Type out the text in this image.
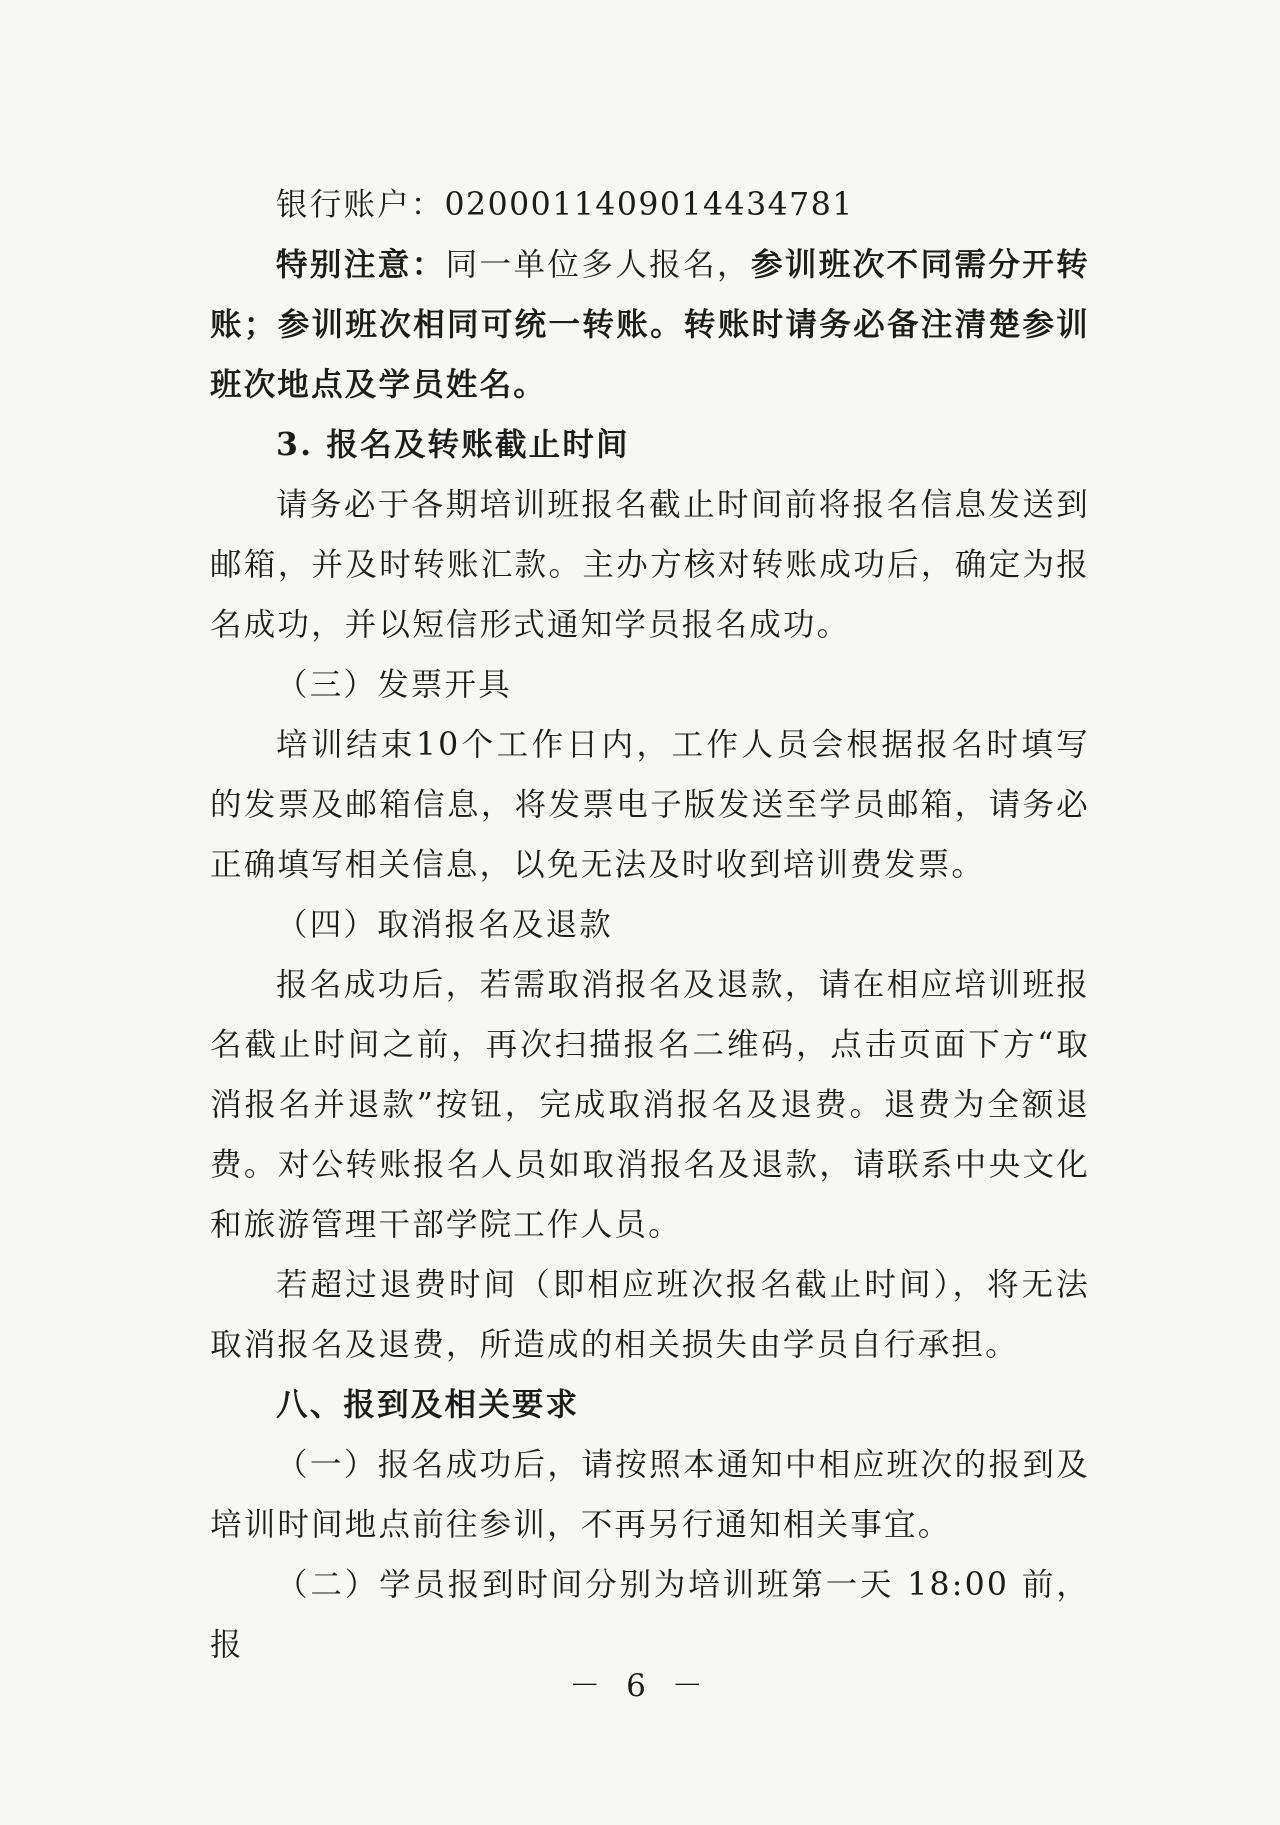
银行账户：0200011409014434781

特别注意：同一单位多人报名，参训班次不同需分开转账；参训班次相同可统一转账。转账时请务必备注清楚参训班次地点及学员姓名。

3. 报名及转账截止时间

请务必于各期培训班报名截止时间前将报名信息发送到邮箱，并及时转账汇款。主办方核对转账成功后，确定为报名成功，并以短信形式通知学员报名成功。

（三）发票开具

培训结束10个工作日内，工作人员会根据报名时填写的发票及邮箱信息，将发票电子版发送至学员邮箱，请务必正确填写相关信息，以免无法及时收到培训费发票。

（四）取消报名及退款

报名成功后，若需取消报名及退款，请在相应培训班报名截止时间之前，再次扫描报名二维码，点击页面下方“取消报名并退款”按钮，完成取消报名及退费。退费为全额退费。对公转账报名人员如取消报名及退款，请联系中央文化和旅游管理干部学院工作人员。

若超过退费时间（即相应班次报名截止时间），将无法取消报名及退费，所造成的相关损失由学员自行承担。

八、报到及相关要求

（一）报名成功后，请按照本通知中相应班次的报到及培训时间地点前往参训，不再另行通知相关事宜。

（二）学员报到时间分别为培训班第一天 18:00 前，报

－ 6 －
